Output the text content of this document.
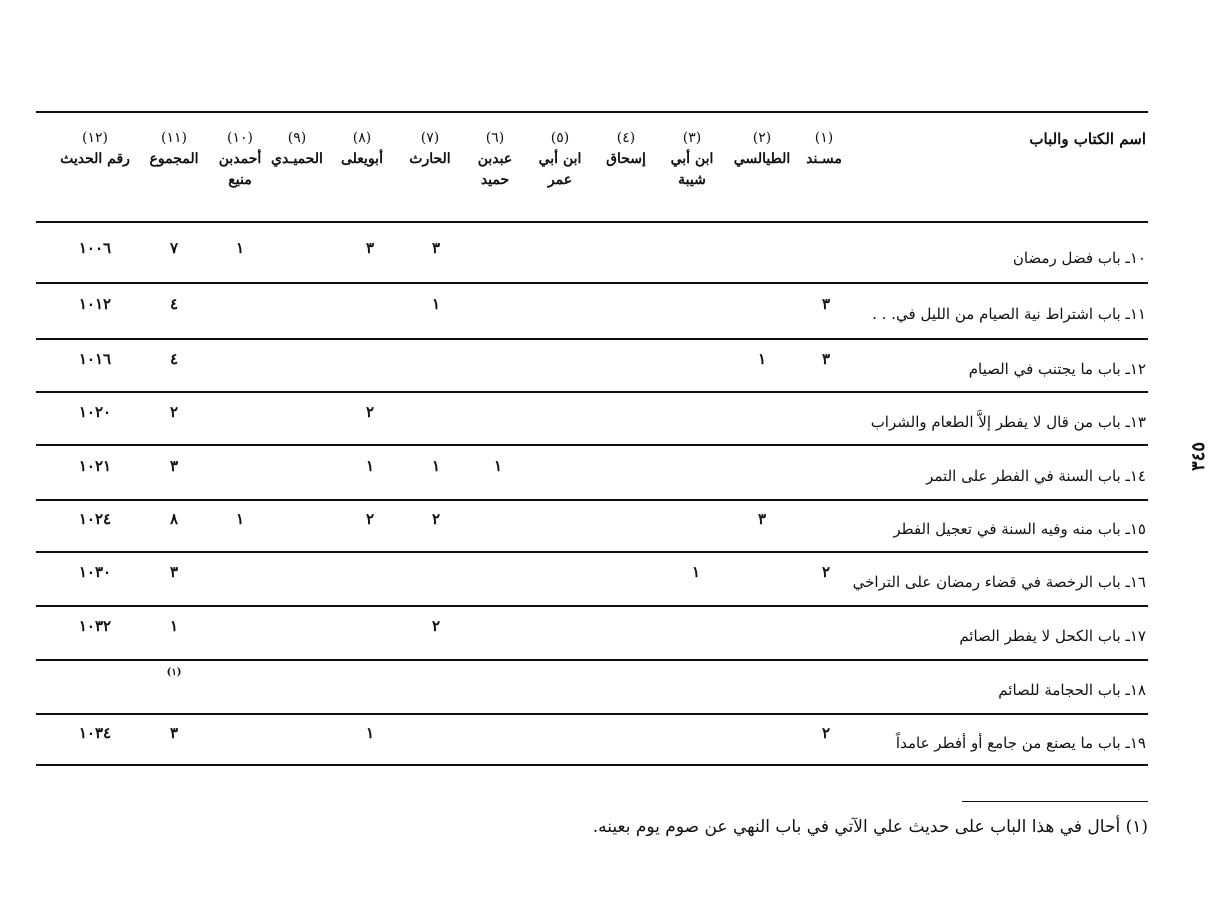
اسم الكتاب والباب
(١)
مسـند
(٢)
الطيالسي
(٣)
ابن أبي
شيبة
(٤)
إسحاق
(٥)
ابن أبي
عمر
(٦)
عبدبن
حميد
(٧)
الحارث
(٨)
أبويعلى
(٩)
الحميـدي
(١٠)
أحمدبن
منيع
(١١)
المجموع
(١٢)
رقم الحديث
١٠ـ باب فضل رمضان
٣
٣
١
٧
١٠٠٦
١١ـ باب اشتراط نية الصيام من الليل في. . .
٣
١
٤
١٠١٢
١٢ـ باب ما يجتنب في الصيام
٣
١
٤
١٠١٦
١٣ـ باب من قال لا يفطر إلاَّ الطعام والشراب
٢
٢
١٠٢٠
١٤ـ باب السنة في الفطر على التمر
١
١
١
٣
١٠٢١
١٥ـ باب منه وفيه السنة في تعجيل الفطر
٣
٢
٢
١
٨
١٠٢٤
١٦ـ باب الرخصة في قضاء رمضان على التراخي
٢
١
٣
١٠٣٠
١٧ـ باب الكحل لا يفطر الصائم
٢
١
١٠٣٢
١٨ـ باب الحجامة للصائم
(١)
١٩ـ باب ما يصنع من جامع أو أفطر عامداً
٢
١
٣
١٠٣٤
٣٤٥
(١) أحال في هذا الباب على حديث علي الآتي في باب النهي عن صوم يوم بعينه.
